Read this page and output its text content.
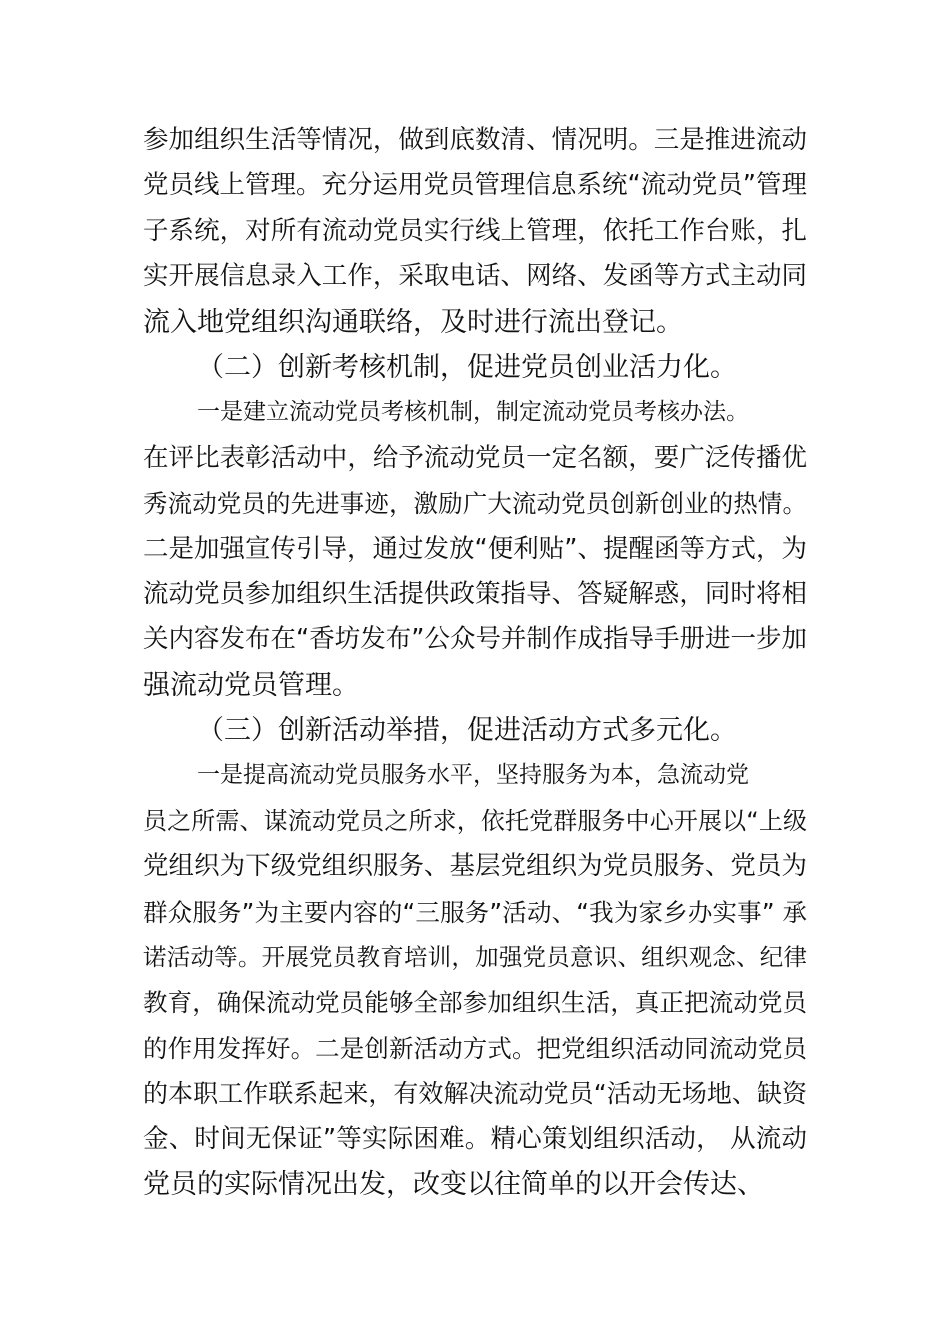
参加组织生活等情况，做到底数清、情况明。三是推进流动
党员线上管理。充分运用党员管理信息系统“流动党员”管理
子系统，对所有流动党员实行线上管理，依托工作台账，扎
实开展信息录入工作，采取电话、网络、发函等方式主动同
流入地党组织沟通联络，及时进行流出登记。
（二）创新考核机制，促进党员创业活力化。
一是建立流动党员考核机制，制定流动党员考核办法。
在评比表彰活动中，给予流动党员一定名额，要广泛传播优
秀流动党员的先进事迹，激励广大流动党员创新创业的热情。
二是加强宣传引导，通过发放“便利贴”、提醒函等方式，为
流动党员参加组织生活提供政策指导、答疑解惑，同时将相
关内容发布在“香坊发布”公众号并制作成指导手册进一步加
强流动党员管理。
（三）创新活动举措，促进活动方式多元化。
一是提高流动党员服务水平，坚持服务为本，急流动党
员之所需、谋流动党员之所求，依托党群服务中心开展以“上级
党组织为下级党组织服务、基层党组织为党员服务、党员为
群众服务”为主要内容的“三服务”活动、“我为家乡办实事” 承
诺活动等。开展党员教育培训，加强党员意识、组织观念、纪律
教育，确保流动党员能够全部参加组织生活，真正把流动党员
的作用发挥好。二是创新活动方式。把党组织活动同流动党员
的本职工作联系起来，有效解决流动党员“活动无场地、缺资
金、时间无保证”等实际困难。精心策划组织活动， 从流动
党员的实际情况出发，改变以往简单的以开会传达、
